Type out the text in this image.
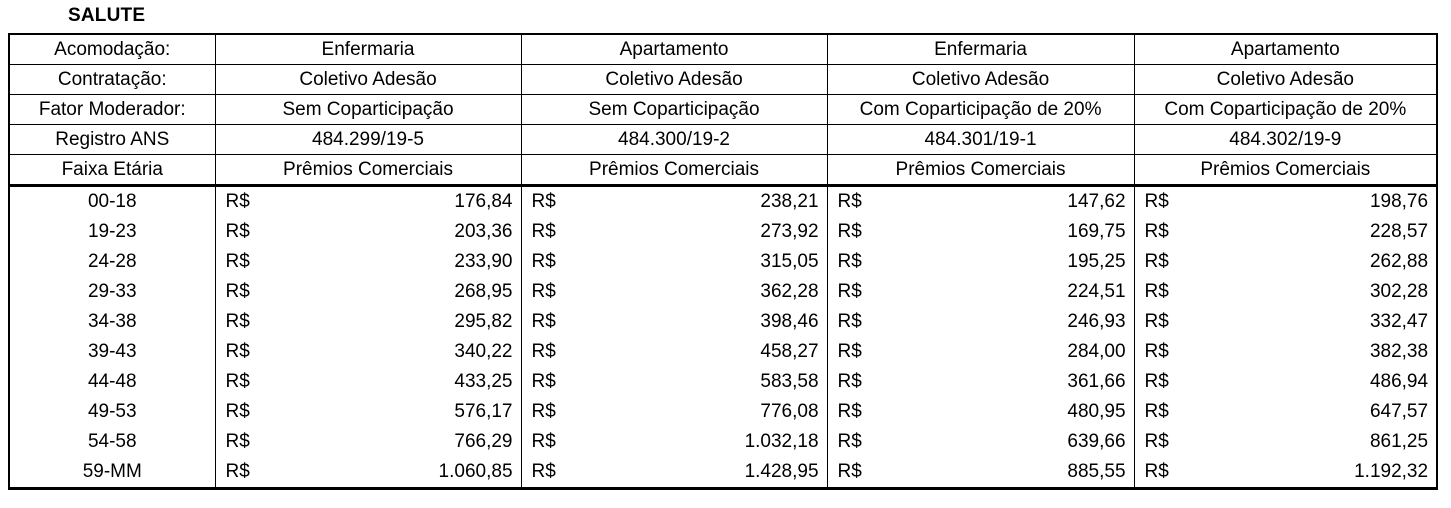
SALUTE
Acomodação:	Enfermaria		Apartamento		Enfermaria		Apartamento	
Contratação:	Coletivo Adesão		Coletivo Adesão		Coletivo Adesão		Coletivo Adesão	
Fator Moderador:	Sem Coparticipação		Sem Coparticipação		Com Coparticipação de 20%		Com Coparticipação de 20%	
Registro ANS	484.299/19-5		484.300/19-2		484.301/19-1		484.302/19-9	
Faixa Etária	Prêmios Comerciais		Prêmios Comerciais		Prêmios Comerciais		Prêmios Comerciais	
00-18	R$	176,84	R$	238,21	R$	147,62	R$	198,76
19-23	R$	203,36	R$	273,92	R$	169,75	R$	228,57
24-28	R$	233,90	R$	315,05	R$	195,25	R$	262,88
29-33	R$	268,95	R$	362,28	R$	224,51	R$	302,28
34-38	R$	295,82	R$	398,46	R$	246,93	R$	332,47
39-43	R$	340,22	R$	458,27	R$	284,00	R$	382,38
44-48	R$	433,25	R$	583,58	R$	361,66	R$	486,94
49-53	R$	576,17	R$	776,08	R$	480,95	R$	647,57
54-58	R$	766,29	R$	1.032,18	R$	639,66	R$	861,25
59-MM	R$	1.060,85	R$	1.428,95	R$	885,55	R$	1.192,32
